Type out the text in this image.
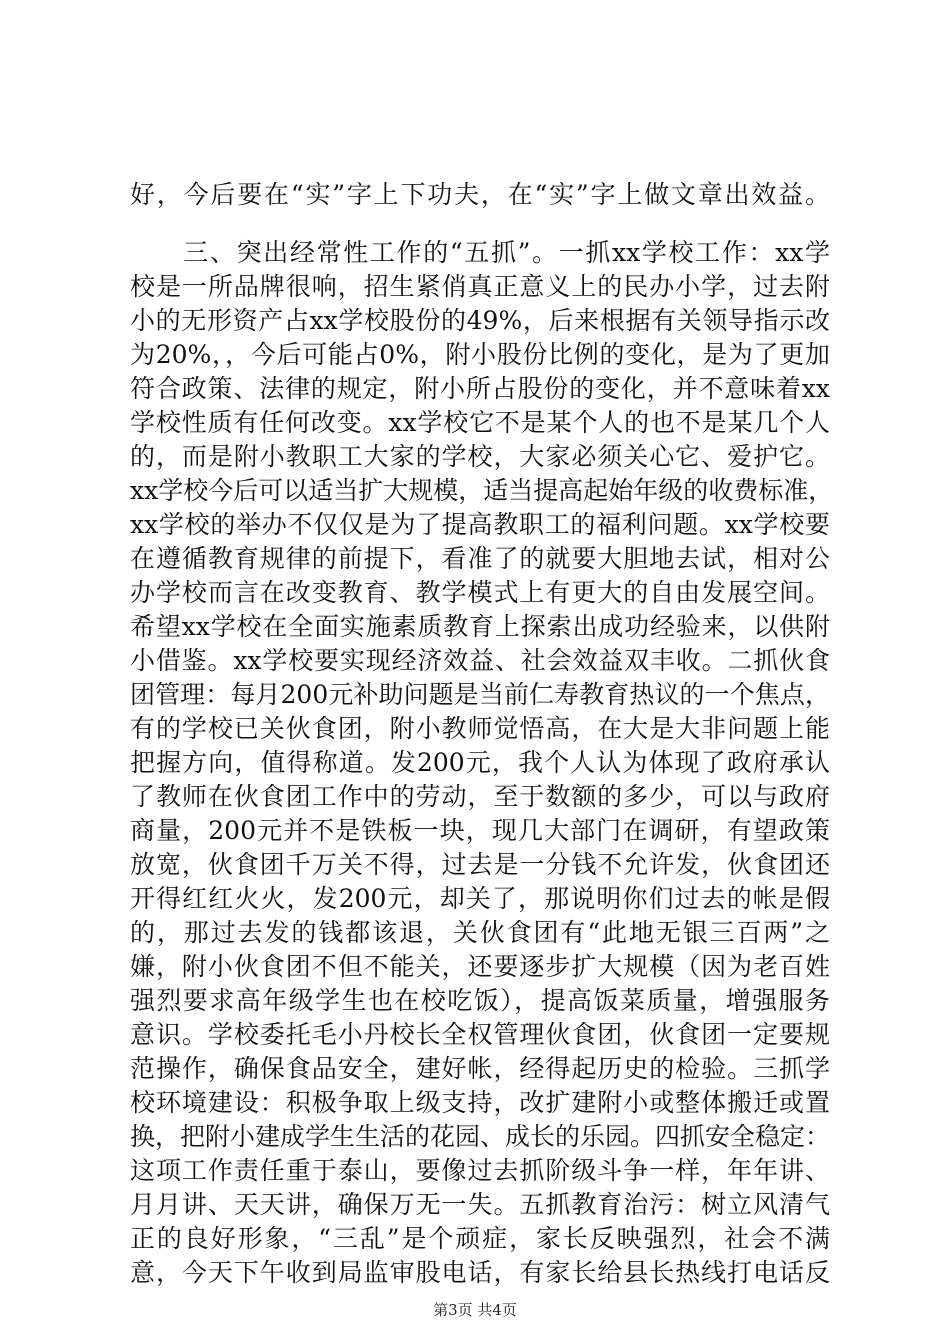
好，今后要在“实”字上下功夫，在“实”字上做文章出效益。
　　三、突出经常性工作的“五抓”。一抓xx学校工作：xx学
校是一所品牌很响，招生紧俏真正意义上的民办小学，过去附
小的无形资产占xx学校股份的49%，后来根据有关领导指示改
为20%，，今后可能占0%，附小股份比例的变化，是为了更加
符合政策、法律的规定，附小所占股份的变化，并不意味着xx
学校性质有任何改变。xx学校它不是某个人的也不是某几个人
的，而是附小教职工大家的学校，大家必须关心它、爱护它。
xx学校今后可以适当扩大规模，适当提高起始年级的收费标准，
xx学校的举办不仅仅是为了提高教职工的福利问题。xx学校要
在遵循教育规律的前提下，看准了的就要大胆地去试，相对公
办学校而言在改变教育、教学模式上有更大的自由发展空间。
希望xx学校在全面实施素质教育上探索出成功经验来，以供附
小借鉴。xx学校要实现经济效益、社会效益双丰收。二抓伙食
团管理：每月200元补助问题是当前仁寿教育热议的一个焦点，
有的学校已关伙食团，附小教师觉悟高，在大是大非问题上能
把握方向，值得称道。发200元，我个人认为体现了政府承认
了教师在伙食团工作中的劳动，至于数额的多少，可以与政府
商量，200元并不是铁板一块，现几大部门在调研，有望政策
放宽，伙食团千万关不得，过去是一分钱不允许发，伙食团还
开得红红火火，发200元，却关了，那说明你们过去的帐是假
的，那过去发的钱都该退，关伙食团有“此地无银三百两”之
嫌，附小伙食团不但不能关，还要逐步扩大规模（因为老百姓
强烈要求高年级学生也在校吃饭），提高饭菜质量，增强服务
意识。学校委托毛小丹校长全权管理伙食团，伙食团一定要规
范操作，确保食品安全，建好帐，经得起历史的检验。三抓学
校环境建设：积极争取上级支持，改扩建附小或整体搬迁或置
换，把附小建成学生生活的花园、成长的乐园。四抓安全稳定：
这项工作责任重于泰山，要像过去抓阶级斗争一样，年年讲、
月月讲、天天讲，确保万无一失。五抓教育治污：树立风清气
正的良好形象，“三乱”是个顽症，家长反映强烈，社会不满
意，今天下午收到局监审股电话，有家长给县长热线打电话反
第3页 共4页
